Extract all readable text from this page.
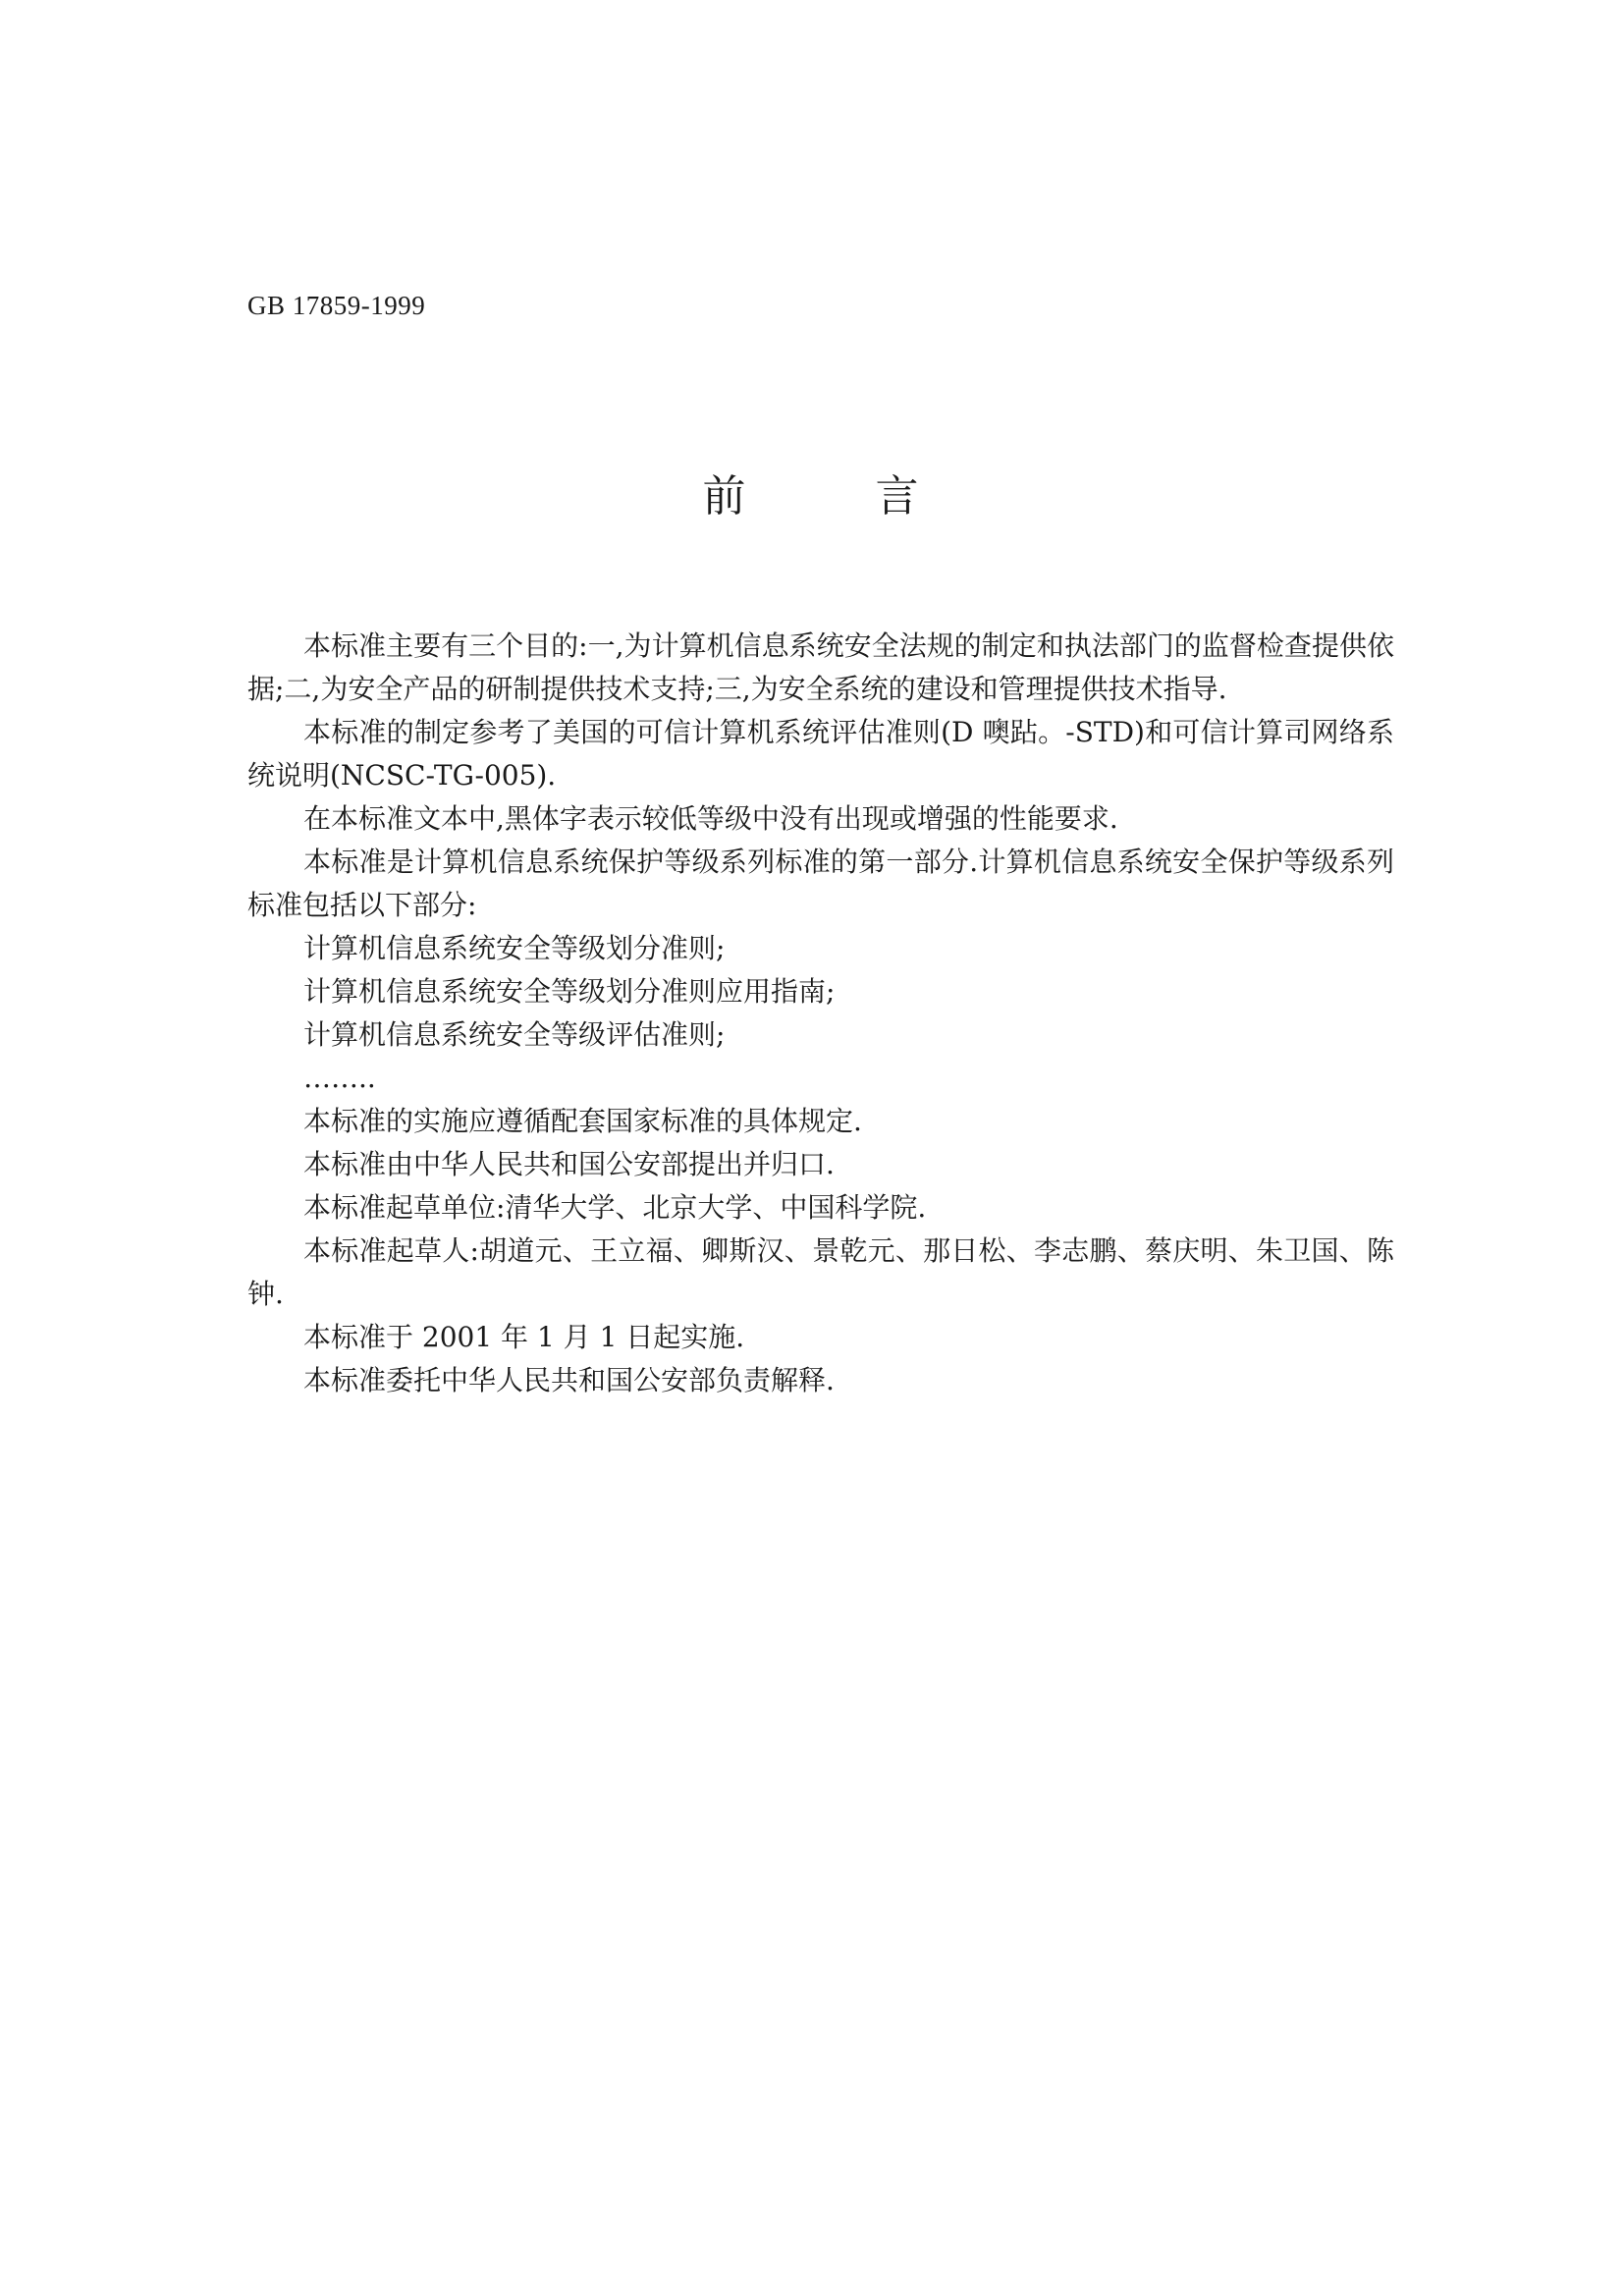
GB 17859-1999
前	言

本标准主要有三个目的:一,为计算机信息系统安全法规的制定和执法部门的监督检查提供依据;二,为安全产品的研制提供技术支持;三,为安全系统的建设和管理提供技术指导.

本标准的制定参考了美国的可信计算机系统评估准则(D 噢跕。-STD)和可信计算司网络系统说明(NCSC-TG-005).

在本标准文本中,黑体字表示较低等级中没有出现或增强的性能要求.

本标准是计算机信息系统保护等级系列标准的第一部分.计算机信息系统安全保护等级系列标准包括以下部分:

计算机信息系统安全等级划分准则;

计算机信息系统安全等级划分准则应用指南;

计算机信息系统安全等级评估准则;

……..

本标准的实施应遵循配套国家标准的具体规定.

本标准由中华人民共和国公安部提出并归口.

本标准起草单位:清华大学、北京大学、中国科学院.

本标准起草人:胡道元、王立福、卿斯汉、景乾元、那日松、李志鹏、蔡庆明、朱卫国、陈钟.

本标准于 2001 年 1 月 1 日起实施.

本标准委托中华人民共和国公安部负责解释.
